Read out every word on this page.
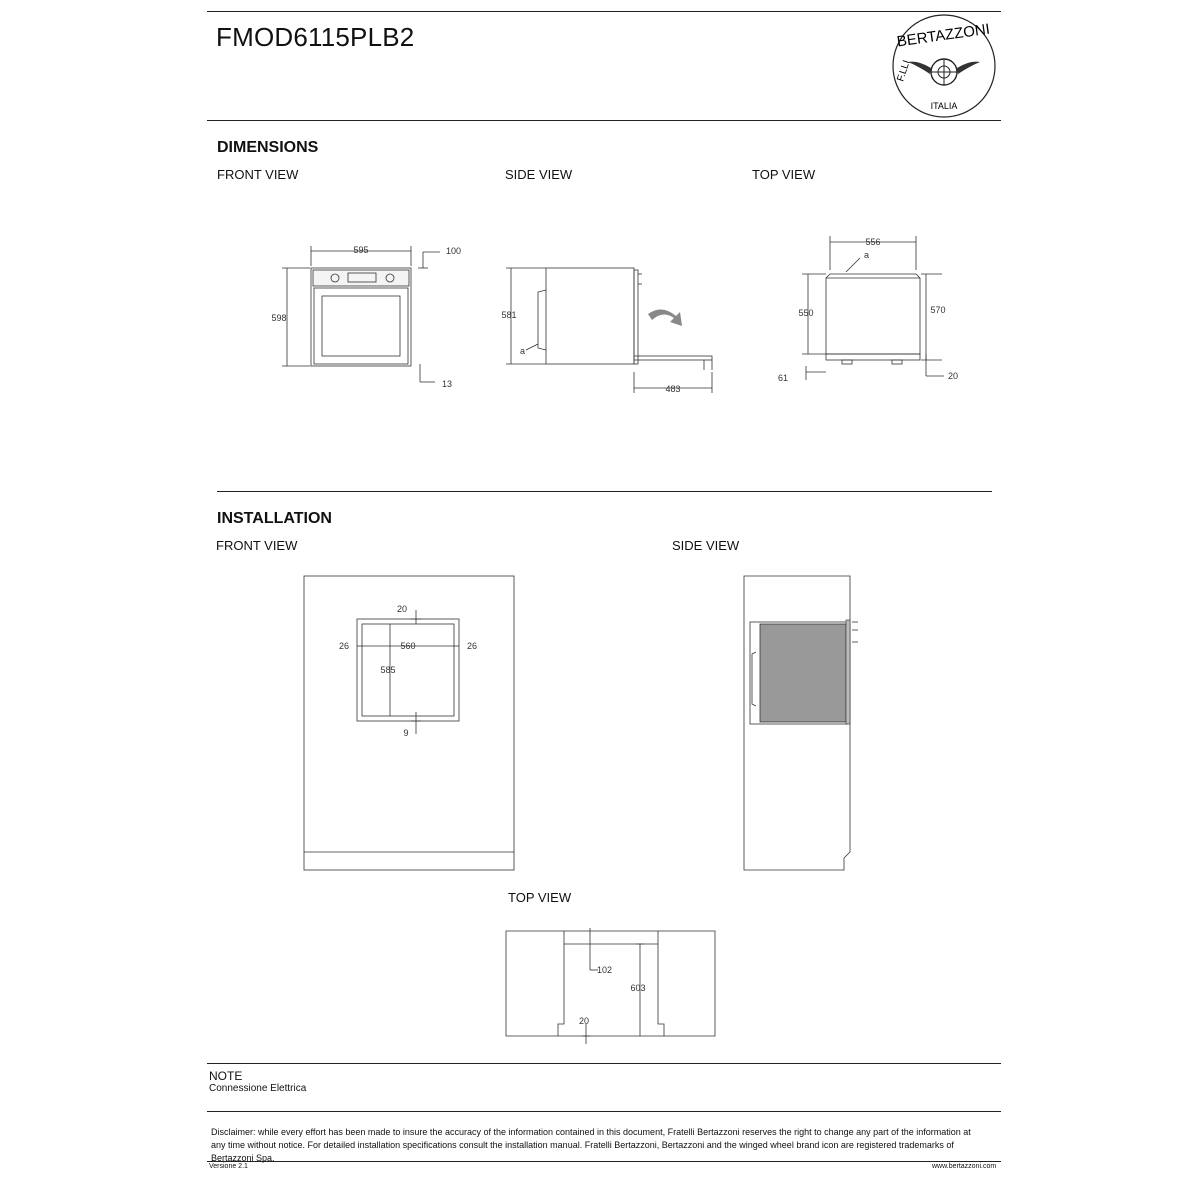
FMOD6115PLB2	BERTAZZONI
ITALIA
F.LLI
DIMENSIONS
FRONT VIEW	SIDE VIEW	TOP VIEW
595	100
598
13
581
a
483
556
a
550	570
61	20
INSTALLATION
FRONT VIEW	SIDE VIEW
20
26	560	26
585
9
TOP VIEW
102
603
20
NOTE
Connessione Elettrica
Disclaimer: while every effort has been made to insure the accuracy of the information contained in this document, Fratelli Bertazzoni reserves the right to change any part of the information at any time without notice. For detailed installation specifications consult the installation manual. Fratelli Bertazzoni, Bertazzoni and the winged wheel brand icon are registered trademarks of Bertazzoni Spa.
Versione 2.1	www.bertazzoni.com
